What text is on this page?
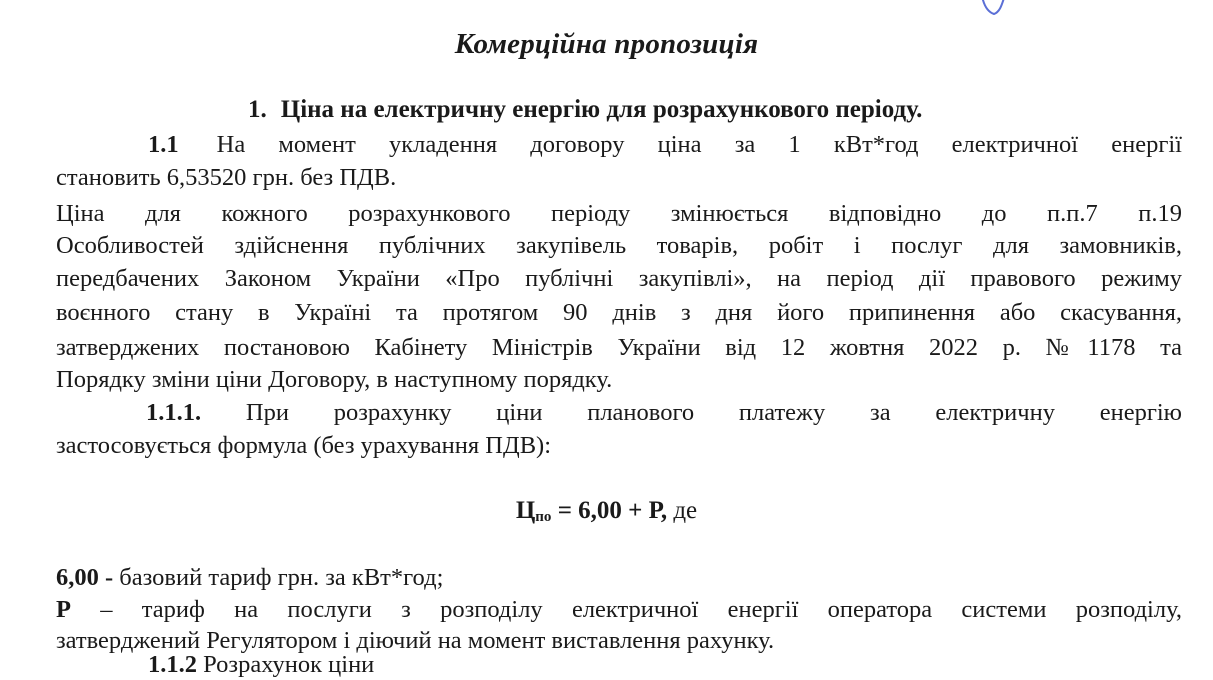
Комерційна пропозиція
1. Ціна на електричну енергію для розрахункового періоду.
1.1 На момент укладення договору ціна за 1 кВт*год електричної енергії
становить 6,53520 грн. без ПДВ.
Ціна для кожного розрахункового періоду змінюється відповідно до п.п.7 п.19
Особливостей здійснення публічних закупівель товарів, робіт і послуг для замовників,
передбачених Законом України «Про публічні закупівлі», на період дії правового режиму
воєнного стану в Україні та протягом 90 днів з дня його припинення або скасування,
затверджених постановою Кабінету Міністрів України від 12 жовтня 2022 р. №1178 та
Порядку зміни ціни Договору, в наступному порядку.
1.1.1. При розрахунку ціни планового платежу за електричну енергію
застосовується формула (без урахування ПДВ):
$Ц_{по} = 6,00 + Р$, де
6,00 - базовий тариф грн. за кВт*год;
Р – тариф на послуги з розподілу електричної енергії оператора системи розподілу,
затверджений Регулятором і діючий на момент виставлення рахунку.
1.1.2 Розрахунок ціни
